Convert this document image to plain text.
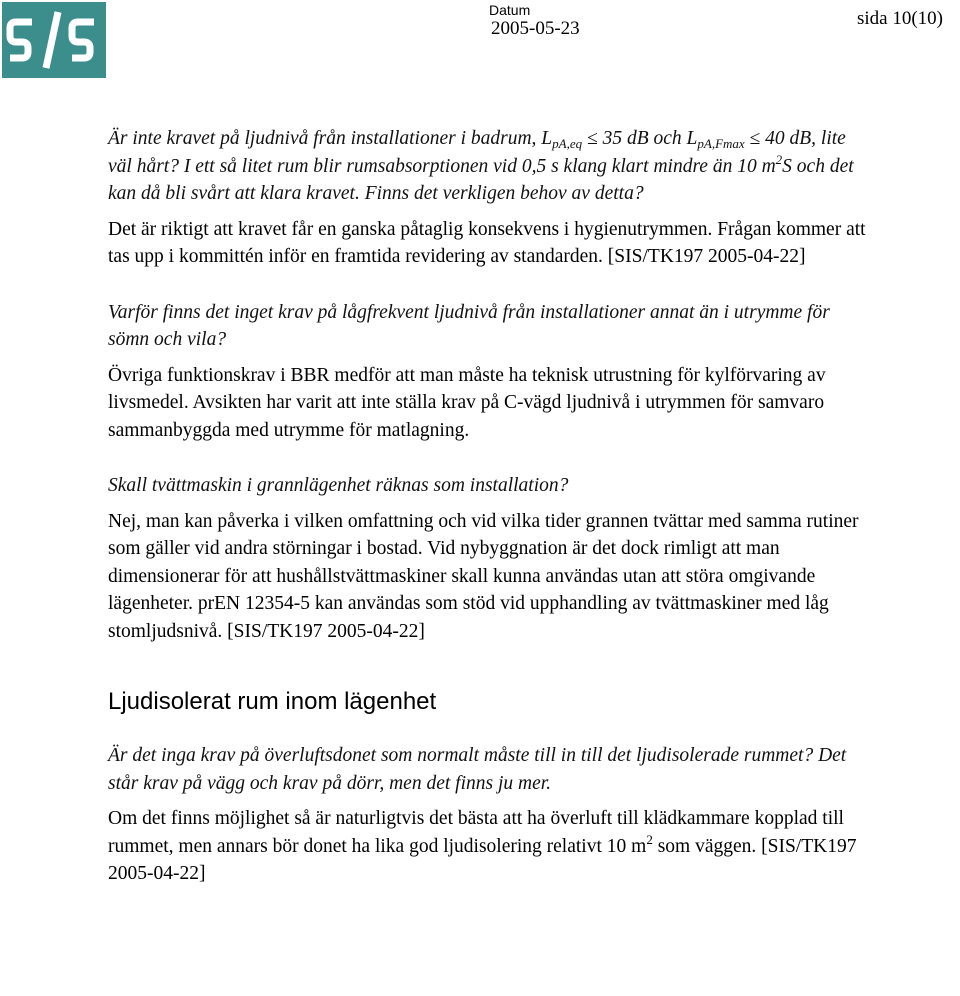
Datum
2005-05-23	sida 10(10)

Är inte kravet på ljudnivå från installationer i badrum, $L_{pA,eq} \le 35$ dB och $L_{pA,Fmax} \le 40$ dB, lite väl hårt? I ett så litet rum blir rumsabsorptionen vid 0,5 s klang klart mindre än 10 $m^2S$ och det kan då bli svårt att klara kravet. Finns det verkligen behov av detta?

Det är riktigt att kravet får en ganska påtaglig konsekvens i hygienutrymmen. Frågan kommer att tas upp i kommittén inför en framtida revidering av standarden. [SIS/TK197 2005-04-22]

Varför finns det inget krav på lågfrekvent ljudnivå från installationer annat än i utrymme för sömn och vila?

Övriga funktionskrav i BBR medför att man måste ha teknisk utrustning för kylförvaring av livsmedel. Avsikten har varit att inte ställa krav på C-vägd ljudnivå i utrymmen för samvaro sammanbyggda med utrymme för matlagning.

Skall tvättmaskin i grannlägenhet räknas som installation?

Nej, man kan påverka i vilken omfattning och vid vilka tider grannen tvättar med samma rutiner som gäller vid andra störningar i bostad. Vid nybyggnation är det dock rimligt att man dimensionerar för att hushållstvättmaskiner skall kunna användas utan att störa omgivande lägenheter. prEN 12354-5 kan användas som stöd vid upphandling av tvättmaskiner med låg stomljudsnivå. [SIS/TK197 2005-04-22]

Ljudisolerat rum inom lägenhet

Är det inga krav på överluftsdonet som normalt måste till in till det ljudisolerade rummet? Det står krav på vägg och krav på dörr, men det finns ju mer.

Om det finns möjlighet så är naturligtvis det bästa att ha överluft till klädkammare kopplad till rummet, men annars bör donet ha lika god ljudisolering relativt 10 $m^2$ som väggen. [SIS/TK197 2005-04-22]
